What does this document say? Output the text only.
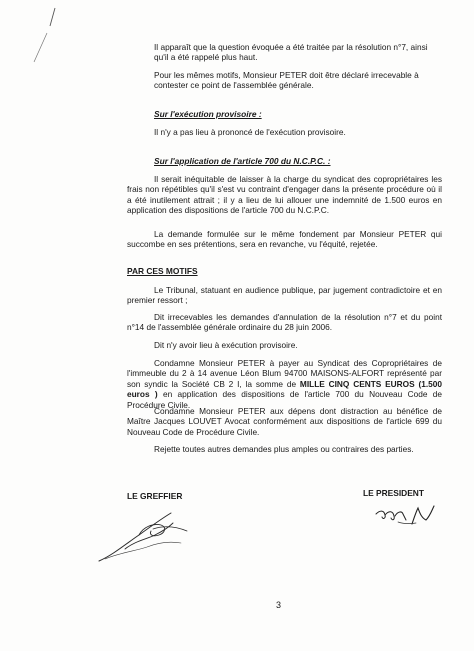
Il apparaît que la question évoquée a été traitée par la résolution n°7, ainsi qu'il a été rappelé plus haut.

Pour les mêmes motifs, Monsieur PETER doit être déclaré irrecevable à contester ce point de l'assemblée générale.

Sur l'exécution provisoire :

Il n'y a pas lieu à prononcé de l'exécution provisoire.

Sur l'application de l'article 700 du N.C.P.C. :

Il serait inéquitable de laisser à la charge du syndicat des copropriétaires les frais non répétibles qu'il s'est vu contraint d'engager dans la présente procédure où il a été inutilement attrait ; il y a lieu de lui allouer une indemnité de 1.500 euros en application des dispositions de l'article 700 du N.C.P.C.

La demande formulée sur le même fondement par Monsieur PETER qui succombe en ses prétentions, sera en revanche, vu l'équité, rejetée.

PAR CES MOTIFS

Le Tribunal, statuant en audience publique, par jugement contradictoire et en premier ressort ;

Dit irrecevables les demandes d'annulation de la résolution n°7 et du point n°14 de l'assemblée générale ordinaire du 28 juin 2006.

Dit n'y avoir lieu à exécution provisoire.

Condamne Monsieur PETER à payer au Syndicat des Copropriétaires de l'immeuble du 2 à 14 avenue Léon Blum 94700 MAISONS-ALFORT représenté par son syndic la Société CB 2 I, la somme de MILLE CINQ CENTS EUROS (1.500 euros ) en application des dispositions de l'article 700 du Nouveau Code de Procédure Civile.

Condamne Monsieur PETER aux dépens dont distraction au bénéfice de Maître Jacques LOUVET Avocat conformément aux dispositions de l'article 699 du Nouveau Code de Procédure Civile.

Rejette toutes autres demandes plus amples ou contraires des parties.

LE GREFFIER	LE PRESIDENT

3
